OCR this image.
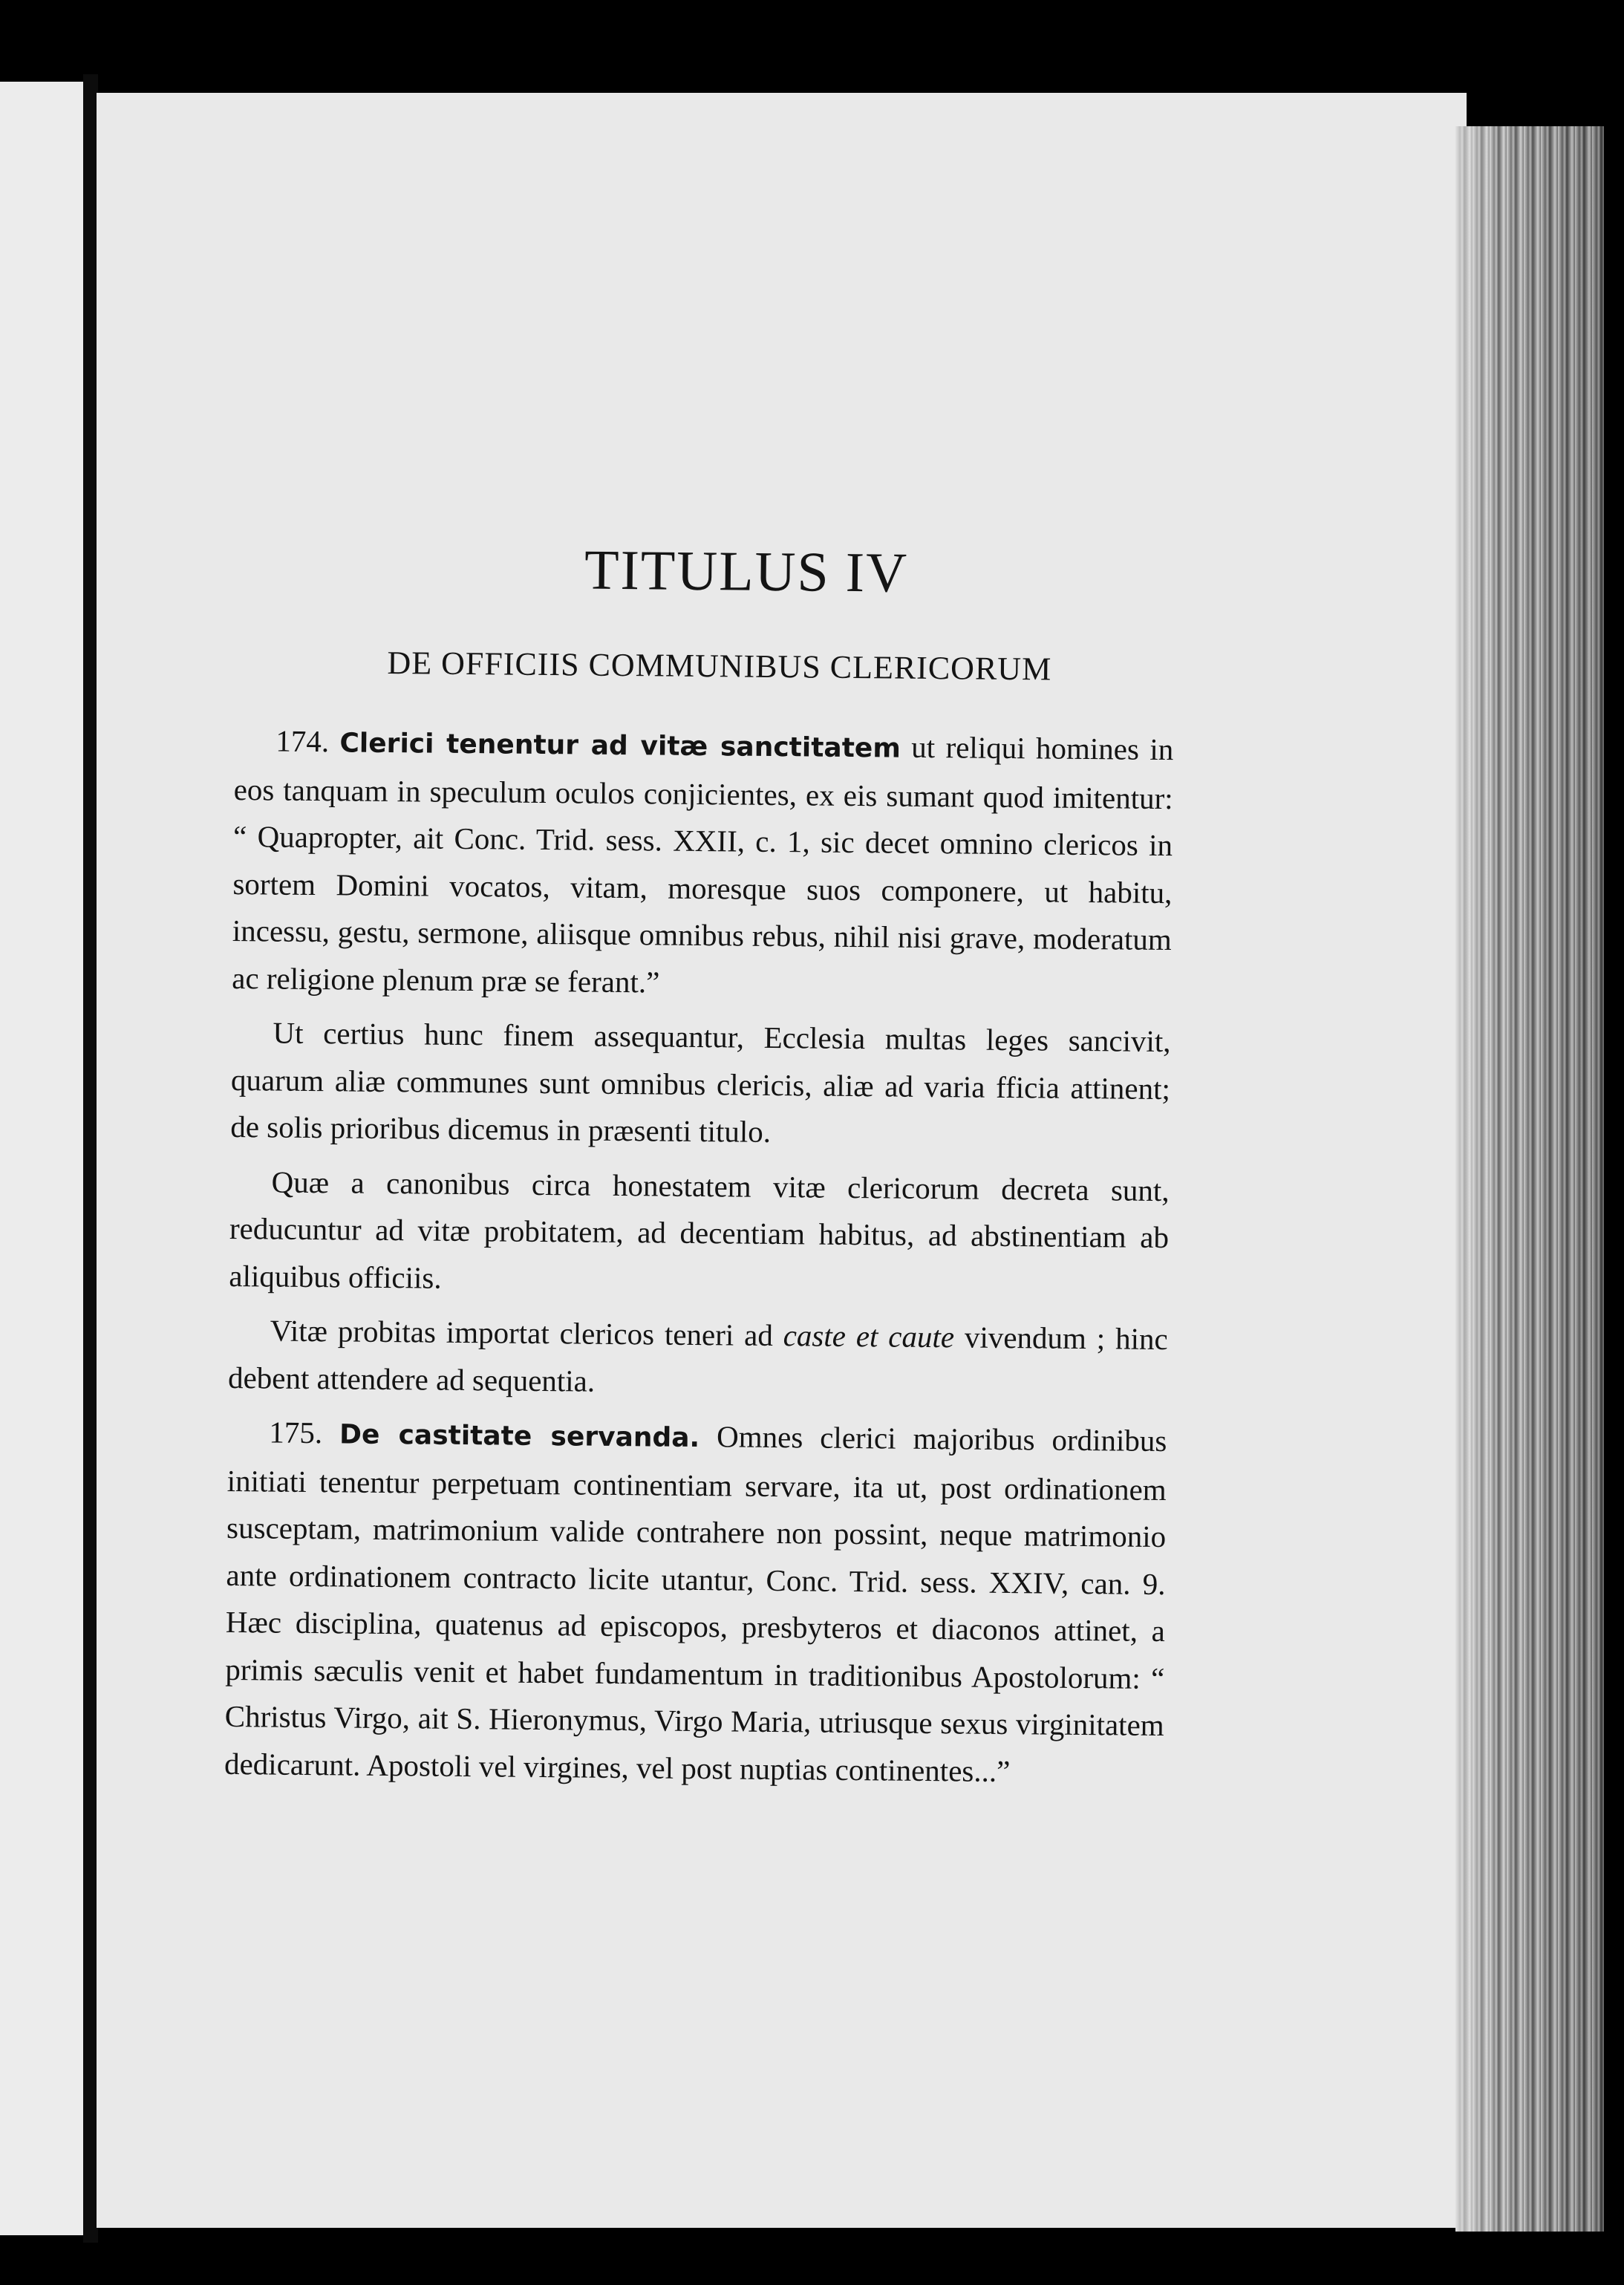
TITULUS IV
DE OFFICIIS COMMUNIBUS CLERICORUM

174. Clerici tenentur ad vitæ sanctitatem ut reliqui homines in eos tanquam in speculum oculos conjicientes, ex eis sumant quod imitentur: “ Quapropter, ait Conc. Trid. sess. XXII, c. 1, sic decet omnino clericos in sortem Domini vocatos, vitam, moresque suos componere, ut habitu, incessu, gestu, sermone, aliisque omnibus rebus, nihil nisi grave, moderatum ac religione plenum præ se ferant.”

Ut certius hunc finem assequantur, Ecclesia multas leges sancivit, quarum aliæ communes sunt omnibus clericis, aliæ ad varia fficia attinent; de solis prioribus dicemus in præsenti titulo.

Quæ a canonibus circa honestatem vitæ clericorum decreta sunt, reducuntur ad vitæ probitatem, ad decentiam habitus, ad abstinentiam ab aliquibus officiis.

Vitæ probitas importat clericos teneri ad caste et caute vivendum ; hinc debent attendere ad sequentia.

175. De castitate servanda. Omnes clerici majoribus ordinibus initiati tenentur perpetuam continentiam servare, ita ut, post ordinationem susceptam, matrimonium valide contrahere non possint, neque matrimonio ante ordinationem contracto licite utantur, Conc. Trid. sess. XXIV, can. 9. Hæc disciplina, quatenus ad episcopos, presbyteros et diaconos attinet, a primis sæculis venit et habet fundamentum in traditionibus Apostolorum: “ Christus Virgo, ait S. Hieronymus, Virgo Maria, utriusque sexus virginitatem dedicarunt. Apostoli vel virgines, vel post nuptias continentes...”
